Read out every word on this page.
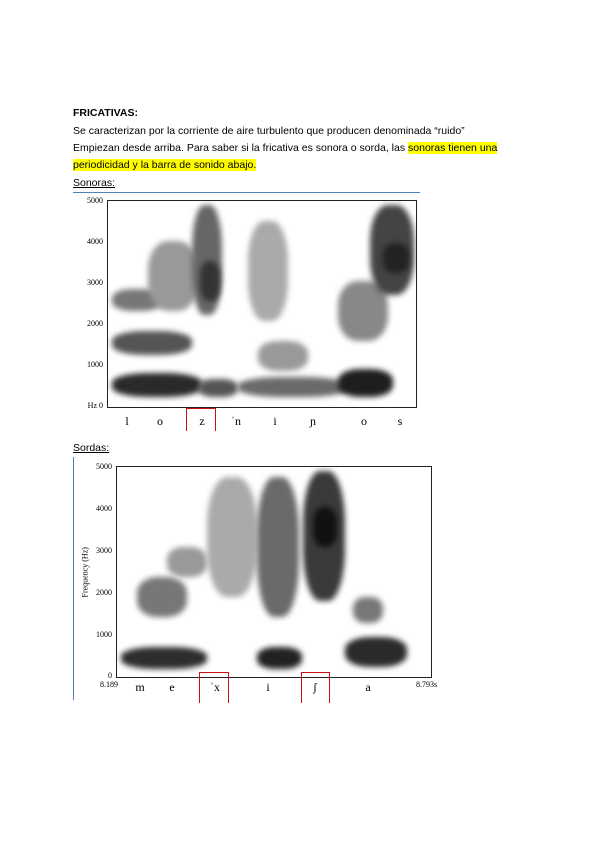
FRICATIVAS:
Se caracterizan por la corriente de aire turbulento que producen denominada “ruido”
Empiezan desde arriba. Para saber si la fricativa es sonora o sorda, las sonoras tienen una
periodicidad y la barra de sonido abajo.
Sonoras:
5000
4000
3000
2000
1000
Hz 0
l	o	z	ˈn	i	ɲ	o	s
Sordas:
Frequency (Hz)
5000
4000
3000
2000
1000
0
8.189	8.793s
m	e	ˈx	i	ʃ	a
